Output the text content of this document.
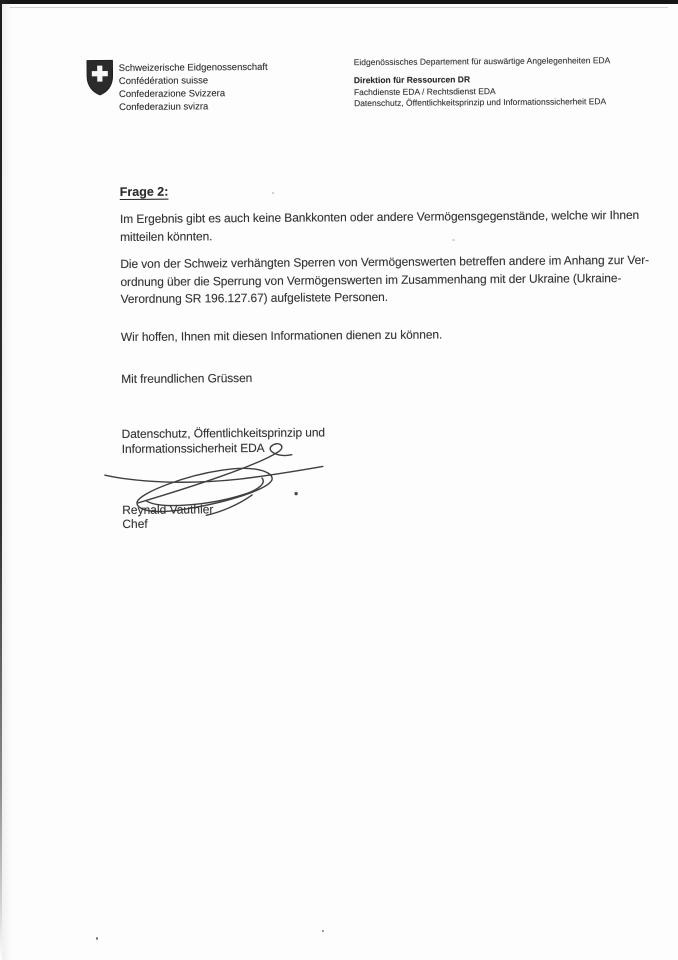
Schweizerische Eidgenossenschaft
Confédération suisse
Confederazione Svizzera
Confederaziun svizra
Eidgenössisches Departement für auswärtige Angelegenheiten EDA
Direktion für Ressourcen DR
Fachdienste EDA / Rechtsdienst EDA
Datenschutz, Öffentlichkeitsprinzip und Informationssicherheit EDA
Frage 2:
Im Ergebnis gibt es auch keine Bankkonten oder andere Vermögensgegenstände, welche wir Ihnen
mitteilen könnten.
Die von der Schweiz verhängten Sperren von Vermögenswerten betreffen andere im Anhang zur Ver-
ordnung über die Sperrung von Vermögenswerten im Zusammenhang mit der Ukraine (Ukraine-
Verordnung SR 196.127.67) aufgelistete Personen.
Wir hoffen, Ihnen mit diesen Informationen dienen zu können.
Mit freundlichen Grüssen
Datenschutz, Öffentlichkeitsprinzip und
Informationssicherheit EDA
Reynald Vauthier
Chef
